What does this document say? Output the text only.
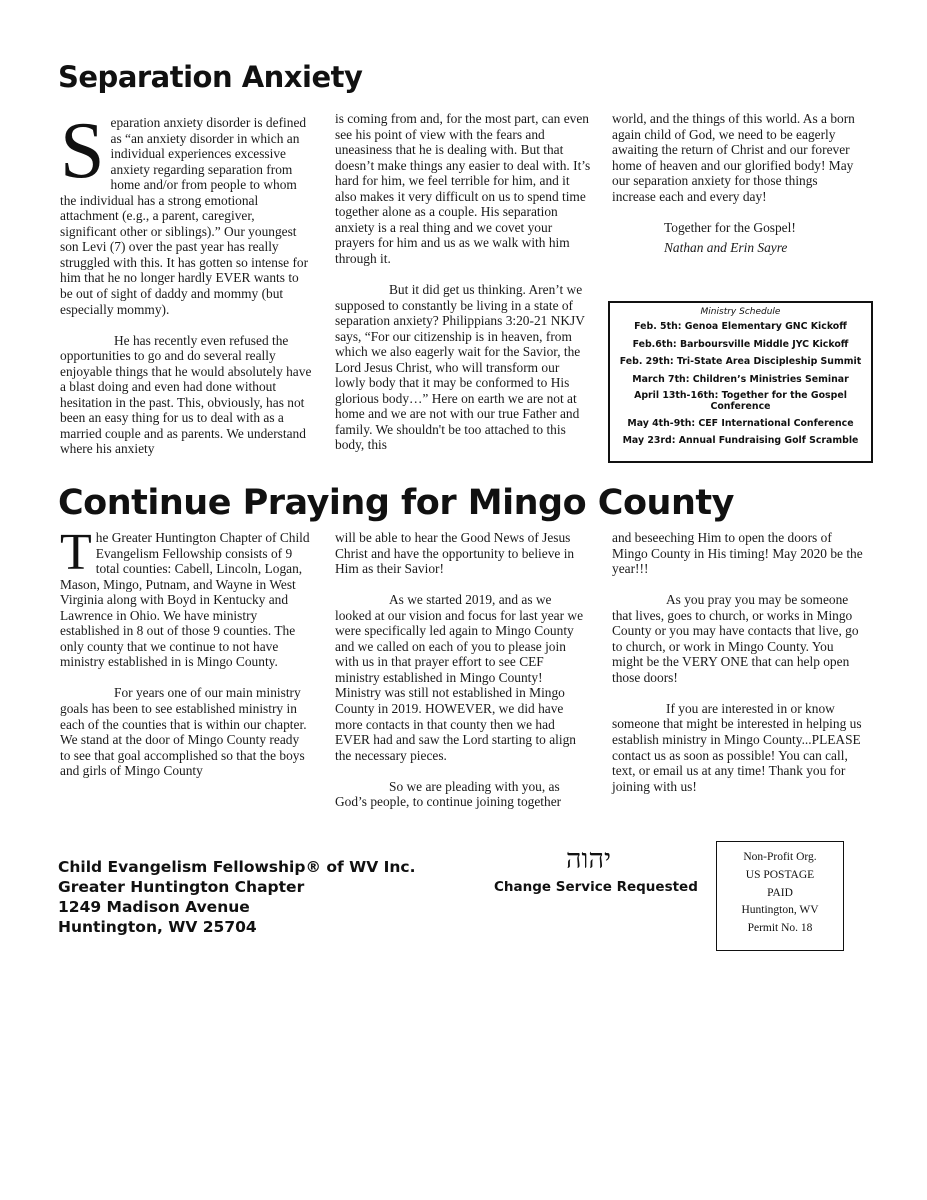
Separation Anxiety

Separation anxiety disorder is defined as “an anxiety disorder in which an individual experiences excessive anxiety regarding separation from home and/or from people to whom the individual has a strong emotional attachment (e.g., a parent, caregiver, significant other or siblings).” Our youngest son Levi (7) over the past year has really struggled with this. It has gotten so intense for him that he no longer hardly EVER wants to be out of sight of daddy and mommy (but especially mommy).

He has recently even refused the opportunities to go and do several really enjoyable things that he would absolutely have a blast doing and even had done without hesitation in the past. This, obviously, has not been an easy thing for us to deal with as a married couple and as parents. We understand where his anxiety

is coming from and, for the most part, can even see his point of view with the fears and uneasiness that he is dealing with. But that doesn’t make things any easier to deal with. It’s hard for him, we feel terrible for him, and it also makes it very difficult on us to spend time together alone as a couple. His separation anxiety is a real thing and we covet your prayers for him and us as we walk with him through it.

But it did get us thinking. Aren’t we supposed to constantly be living in a state of separation anxiety? Philippians 3:20-21 NKJV says, “For our citizenship is in heaven, from which we also eagerly wait for the Savior, the Lord Jesus Christ, who will transform our lowly body that it may be conformed to His glorious body…” Here on earth we are not at home and we are not with our true Father and family. We shouldn't be too attached to this body, this

world, and the things of this world. As a born again child of God, we need to be eagerly awaiting the return of Christ and our forever home of heaven and our glorified body! May our separation anxiety for those things increase each and every day!

Together for the Gospel!

Nathan and Erin Sayre

Ministry Schedule
Feb. 5th: Genoa Elementary GNC Kickoff
Feb.6th: Barboursville Middle JYC Kickoff
Feb. 29th: Tri-State Area Discipleship Summit
March 7th: Children’s Ministries Seminar
April 13th-16th: Together for the Gospel Conference
May 4th-9th: CEF International Conference
May 23rd: Annual Fundraising Golf Scramble
Continue Praying for Mingo County

The Greater Huntington Chapter of Child Evangelism Fellowship consists of 9 total counties: Cabell, Lincoln, Logan, Mason, Mingo, Putnam, and Wayne in West Virginia along with Boyd in Kentucky and Lawrence in Ohio. We have ministry established in 8 out of those 9 counties. The only county that we continue to not have ministry established in is Mingo County.

For years one of our main ministry goals has been to see established ministry in each of the counties that is within our chapter. We stand at the door of Mingo County ready to see that goal accomplished so that the boys and girls of Mingo County

will be able to hear the Good News of Jesus Christ and have the opportunity to believe in Him as their Savior!

As we started 2019, and as we looked at our vision and focus for last year we were specifically led again to Mingo County and we called on each of you to please join with us in that prayer effort to see CEF ministry established in Mingo County! Ministry was still not established in Mingo County in 2019. HOWEVER, we did have more contacts in that county then we had EVER had and saw the Lord starting to align the necessary pieces.

So we are pleading with you, as God’s people, to continue joining together

and beseeching Him to open the doors of Mingo County in His timing! May 2020 be the year!!!

As you pray you may be someone that lives, goes to church, or works in Mingo County or you may have contacts that live, go to church, or work in Mingo County. You might be the VERY ONE that can help open those doors!

If you are interested in or know someone that might be interested in helping us establish ministry in Mingo County...PLEASE contact us as soon as possible! You can call, text, or email us at any time! Thank you for joining with us!

Child Evangelism Fellowship® of WV Inc.
Greater Huntington Chapter
1249 Madison Avenue
Huntington, WV 25704
יהוה
Change Service Requested
Non-Profit Org.
US POSTAGE
PAID
Huntington, WV
Permit No. 18
